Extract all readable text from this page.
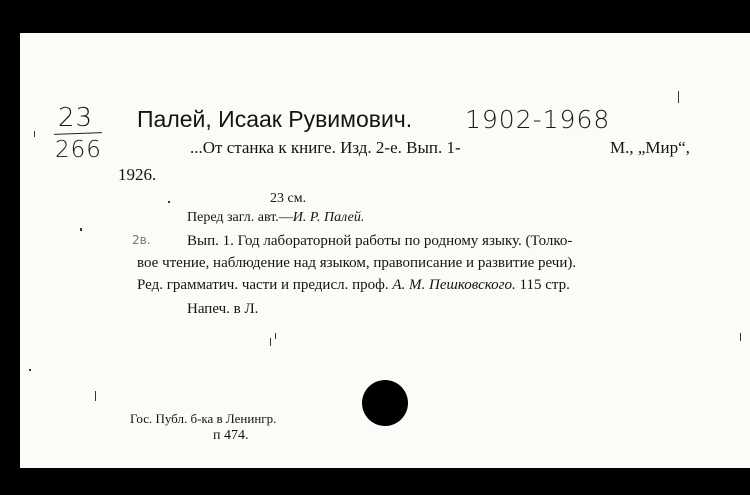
23
266
Палей, Исаак Рувимович. 1902-1968
...От станка к книге. Изд. 2-е. Вып. 1-	М., „Мир“,
1926.
23 см.
Перед загл. авт.—И. Р. Палей.
2в. Вып. 1. Год лабораторной работы по родному языку. (Толко-
вое чтение, наблюдение над языком, правописание и развитие речи).
Ред. грамматич. части и предисл. проф. А. М. Пешковского. 115 стр.
Напеч. в Л.
Гос. Публ. б-ка в Ленингр.
п 474.
